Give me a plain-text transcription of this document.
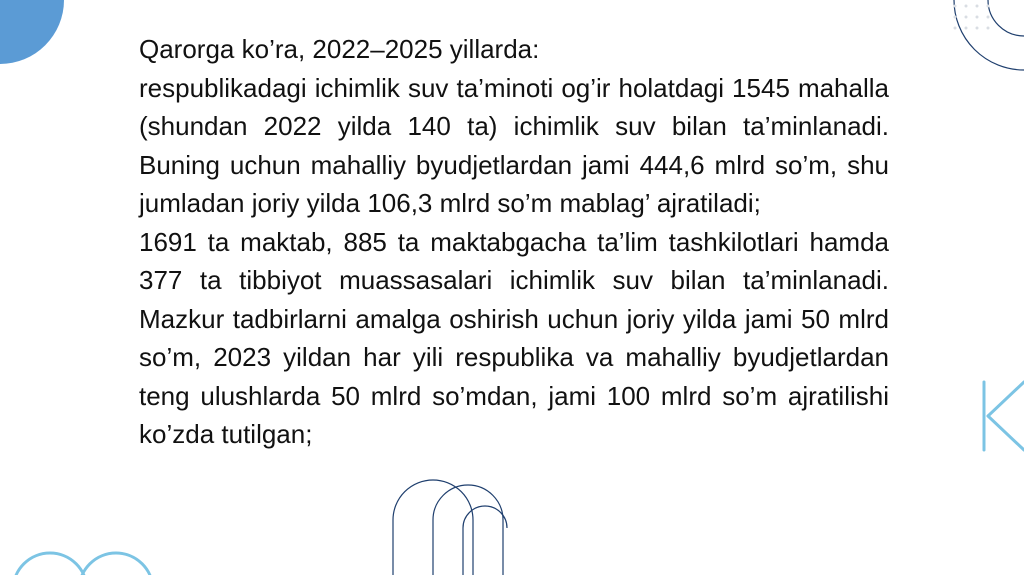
Qarorga ko’ra, 2022–2025 yillarda:

respublikadagi ichimlik suv ta’minoti og’ir holatdagi 1545 mahalla (shundan 2022 yilda 140 ta) ichimlik suv bilan ta’minlanadi. Buning uchun mahalliy byudjetlardan jami 444,6 mlrd so’m, shu jumladan joriy yilda 106,3 mlrd so’m mablag’ ajratiladi;

1691 ta maktab, 885 ta maktabgacha ta’lim tashkilotlari hamda 377 ta tibbiyot muassasalari ichimlik suv bilan ta’minlanadi. Mazkur tadbirlarni amalga oshirish uchun joriy yilda jami 50 mlrd so’m, 2023 yildan har yili respublika va mahalliy byudjetlardan teng ulushlarda 50 mlrd so’mdan, jami 100 mlrd so’m ajratilishi ko’zda tutilgan;
